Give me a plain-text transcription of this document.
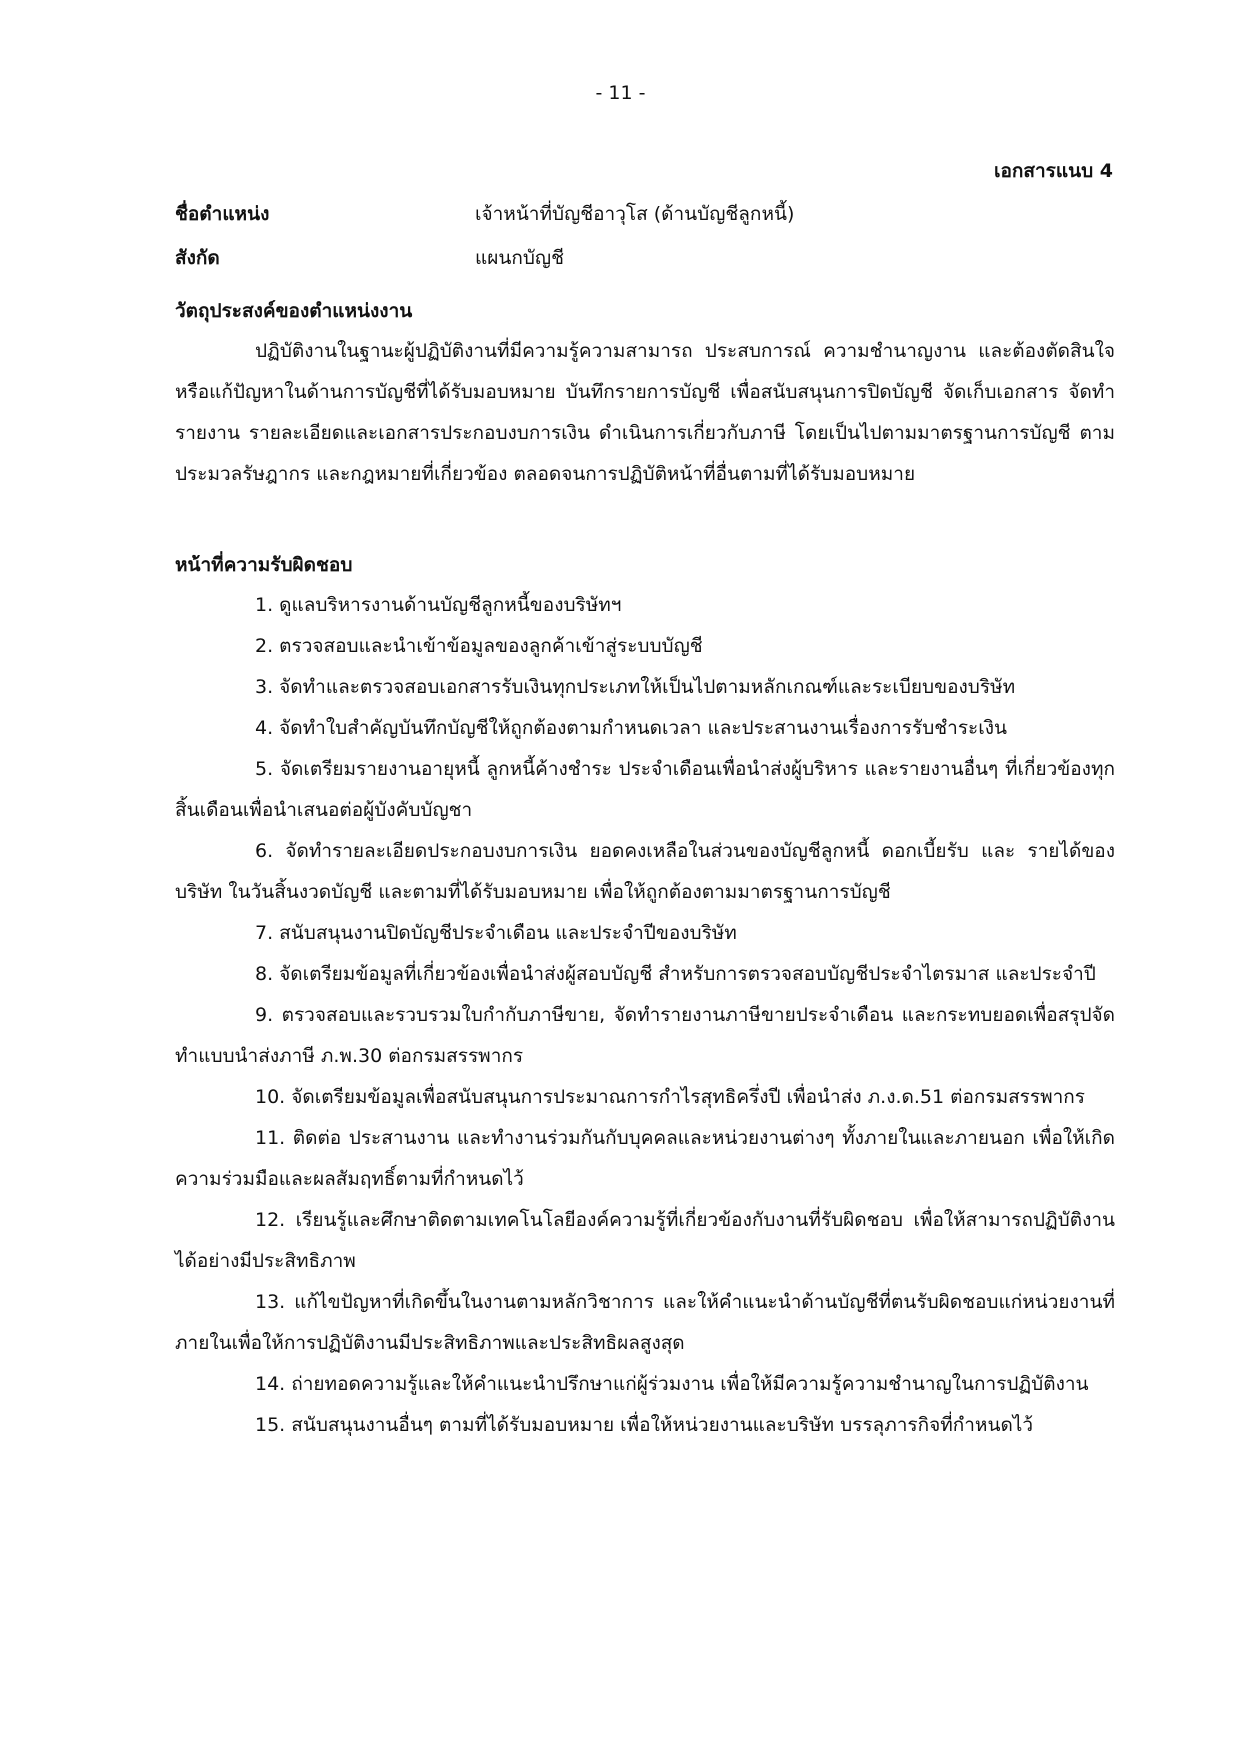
- 11 -
เอกสารแนบ 4
ชื่อตำแหน่ง	เจ้าหน้าที่บัญชีอาวุโส (ด้านบัญชีลูกหนี้)
สังกัด	แผนกบัญชี
วัตถุประสงค์ของตำแหน่งงาน

ปฏิบัติงานในฐานะผู้ปฏิบัติงานที่มีความรู้ความสามารถ ประสบการณ์ ความชำนาญงาน และต้องตัดสินใจหรือแก้ปัญหาในด้านการบัญชีที่ได้รับมอบหมาย บันทึกรายการบัญชี เพื่อสนับสนุนการปิดบัญชี จัดเก็บเอกสาร จัดทำรายงาน รายละเอียดและเอกสารประกอบงบการเงิน ดำเนินการเกี่ยวกับภาษี โดยเป็นไปตามมาตรฐานการบัญชี ตามประมวลรัษฎากร และกฎหมายที่เกี่ยวข้อง ตลอดจนการปฏิบัติหน้าที่อื่นตามที่ได้รับมอบหมาย

หน้าที่ความรับผิดชอบ

1. ดูแลบริหารงานด้านบัญชีลูกหนี้ของบริษัทฯ

2. ตรวจสอบและนำเข้าข้อมูลของลูกค้าเข้าสู่ระบบบัญชี

3. จัดทำและตรวจสอบเอกสารรับเงินทุกประเภทให้เป็นไปตามหลักเกณฑ์และระเบียบของบริษัท

4. จัดทำใบสำคัญบันทึกบัญชีให้ถูกต้องตามกำหนดเวลา และประสานงานเรื่องการรับชำระเงิน

5. จัดเตรียมรายงานอายุหนี้ ลูกหนี้ค้างชำระ ประจำเดือนเพื่อนำส่งผู้บริหาร และรายงานอื่นๆ ที่เกี่ยวข้องทุกสิ้นเดือนเพื่อนำเสนอต่อผู้บังคับบัญชา

6. จัดทำรายละเอียดประกอบงบการเงิน ยอดคงเหลือในส่วนของบัญชีลูกหนี้ ดอกเบี้ยรับ และ รายได้ของบริษัท ในวันสิ้นงวดบัญชี และตามที่ได้รับมอบหมาย เพื่อให้ถูกต้องตามมาตรฐานการบัญชี

7. สนับสนุนงานปิดบัญชีประจำเดือน และประจำปีของบริษัท

8. จัดเตรียมข้อมูลที่เกี่ยวข้องเพื่อนำส่งผู้สอบบัญชี สำหรับการตรวจสอบบัญชีประจำไตรมาส และประจำปี

9. ตรวจสอบและรวบรวมใบกำกับภาษีขาย, จัดทำรายงานภาษีขายประจำเดือน และกระทบยอดเพื่อสรุปจัดทำแบบนำส่งภาษี ภ.พ.30 ต่อกรมสรรพากร

10. จัดเตรียมข้อมูลเพื่อสนับสนุนการประมาณการกำไรสุทธิครึ่งปี เพื่อนำส่ง ภ.ง.ด.51 ต่อกรมสรรพากร

11. ติดต่อ ประสานงาน และทำงานร่วมกันกับบุคคลและหน่วยงานต่างๆ ทั้งภายในและภายนอก เพื่อให้เกิดความร่วมมือและผลสัมฤทธิ์ตามที่กำหนดไว้

12. เรียนรู้และศึกษาติดตามเทคโนโลยีองค์ความรู้ที่เกี่ยวข้องกับงานที่รับผิดชอบ เพื่อให้สามารถปฏิบัติงานได้อย่างมีประสิทธิภาพ

13. แก้ไขปัญหาที่เกิดขึ้นในงานตามหลักวิชาการ และให้คำแนะนำด้านบัญชีที่ตนรับผิดชอบแก่หน่วยงานที่ภายในเพื่อให้การปฏิบัติงานมีประสิทธิภาพและประสิทธิผลสูงสุด

14. ถ่ายทอดความรู้และให้คำแนะนำปรึกษาแก่ผู้ร่วมงาน เพื่อให้มีความรู้ความชำนาญในการปฏิบัติงาน

15. สนับสนุนงานอื่นๆ ตามที่ได้รับมอบหมาย เพื่อให้หน่วยงานและบริษัท บรรลุภารกิจที่กำหนดไว้
